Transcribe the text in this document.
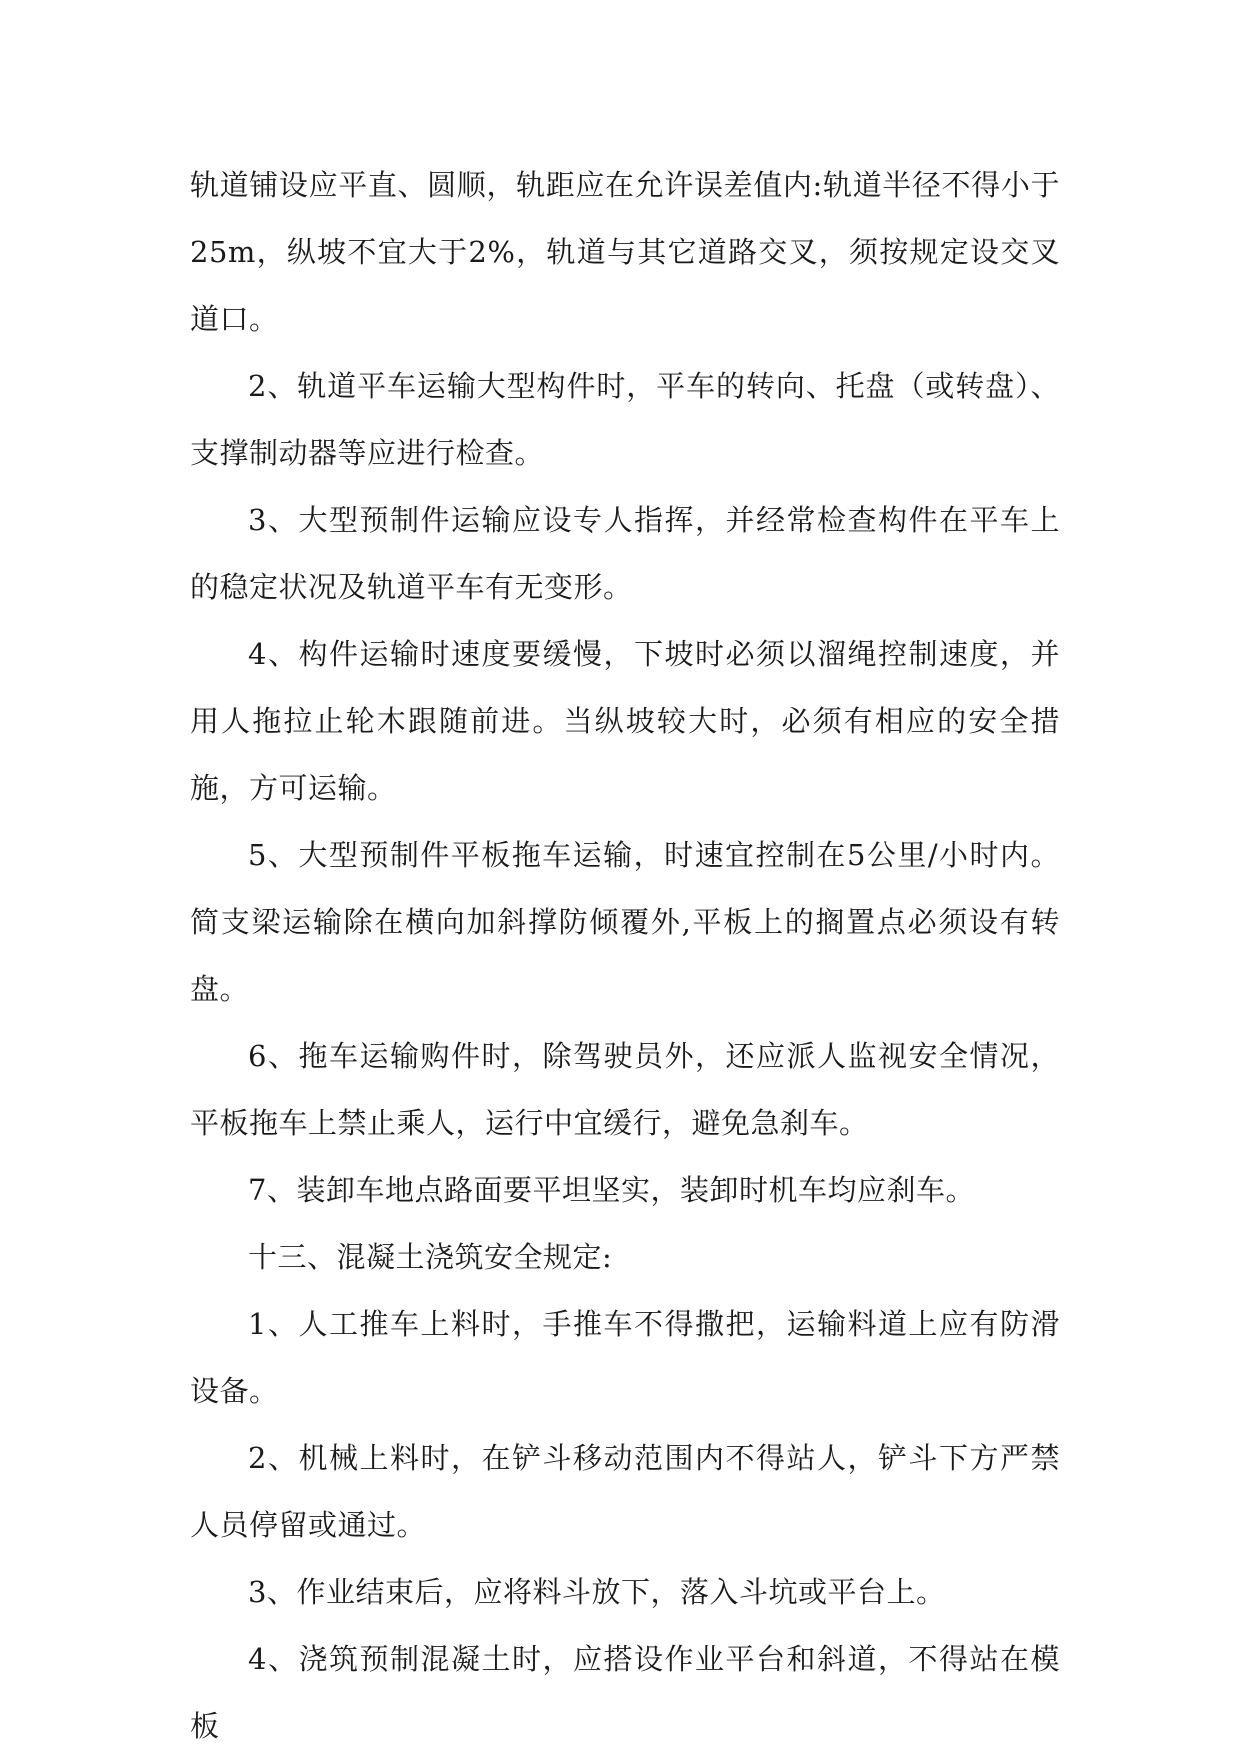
轨道铺设应平直、圆顺，轨距应在允许误差值内:轨道半径不得小于25m，纵坡不宜大于2%，轨道与其它道路交叉，须按规定设交叉道口。

2、轨道平车运输大型构件时，平车的转向、托盘（或转盘）、支撑制动器等应进行检查。

3、大型预制件运输应设专人指挥，并经常检查构件在平车上的稳定状况及轨道平车有无变形。

4、构件运输时速度要缓慢，下坡时必须以溜绳控制速度，并用人拖拉止轮木跟随前进。当纵坡较大时，必须有相应的安全措施，方可运输。

5、大型预制件平板拖车运输，时速宜控制在5公里/小时内。简支梁运输除在横向加斜撑防倾覆外,平板上的搁置点必须设有转盘。

6、拖车运输购件时，除驾驶员外，还应派人监视安全情况，平板拖车上禁止乘人，运行中宜缓行，避免急刹车。

7、装卸车地点路面要平坦坚实，装卸时机车均应刹车。

十三、混凝土浇筑安全规定:

1、人工推车上料时，手推车不得撒把，运输料道上应有防滑设备。

2、机械上料时，在铲斗移动范围内不得站人，铲斗下方严禁人员停留或通过。

3、作业结束后，应将料斗放下，落入斗坑或平台上。

4、浇筑预制混凝土时，应搭设作业平台和斜道，不得站在模板
